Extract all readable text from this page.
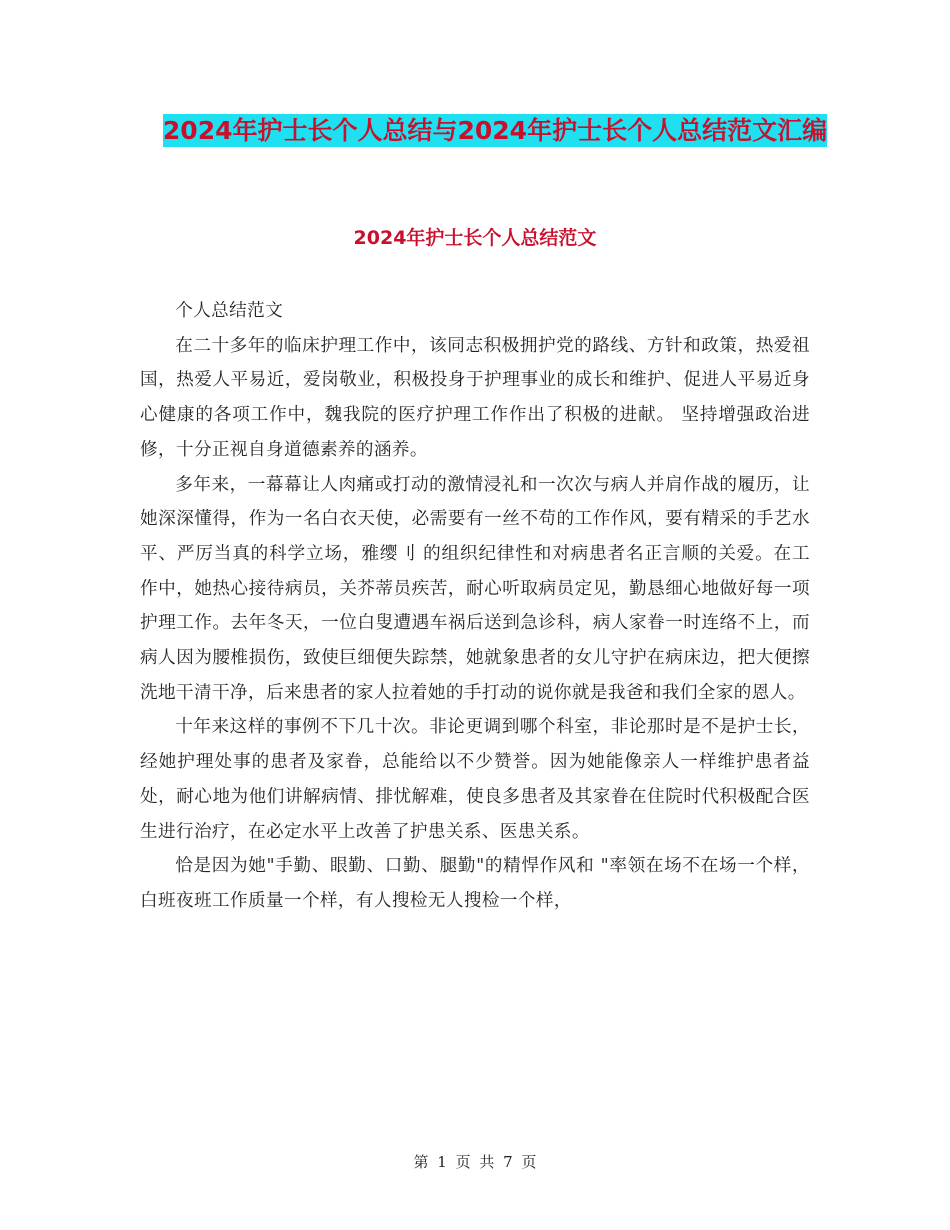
2024年护士长个人总结与2024年护士长个人总结范文汇编
2024年护士长个人总结范文

个人总结范文

在二十多年的临床护理工作中，该同志积极拥护党的路线、方针和政策，热爱祖国，热爱人平易近，爱岗敬业，积极投身于护理事业的成长和维护、促进人平易近身心健康的各项工作中，魏我院的医疗护理工作作出了积极的进献。 坚持增强政治进修，十分正视自身道德素养的涵养。

多年来，一幕幕让人肉痛或打动的激情浸礼和一次次与病人并肩作战的履历，让她深深懂得，作为一名白衣天使，必需要有一丝不苟的工作作风，要有精采的手艺水平、严厉当真的科学立场，雅缨刂 的组织纪律性和对病患者名正言顺的关爱。在工作中，她热心接待病员，关芥蒂员疾苦，耐心听取病员定见，勤恳细心地做好每一项护理工作。去年冬天，一位白叟遭遇车祸后送到急诊科，病人家眷一时连络不上，而病人因为腰椎损伤，致使巨细便失踪禁，她就象患者的女儿守护在病床边，把大便擦洗地干清干净，后来患者的家人拉着她的手打动的说你就是我爸和我们全家的恩人。

十年来这样的事例不下几十次。非论更调到哪个科室，非论那时是不是护士长，经她护理处事的患者及家眷，总能给以不少赞誉。因为她能像亲人一样维护患者益处，耐心地为他们讲解病情、排忧解难，使良多患者及其家眷在住院时代积极配合医生进行治疗，在必定水平上改善了护患关系、医患关系。

恰是因为她"手勤、眼勤、口勤、腿勤"的精悍作风和 "率领在场不在场一个样，白班夜班工作质量一个样，有人搜检无人搜检一个样，

第 1 页 共 7 页
